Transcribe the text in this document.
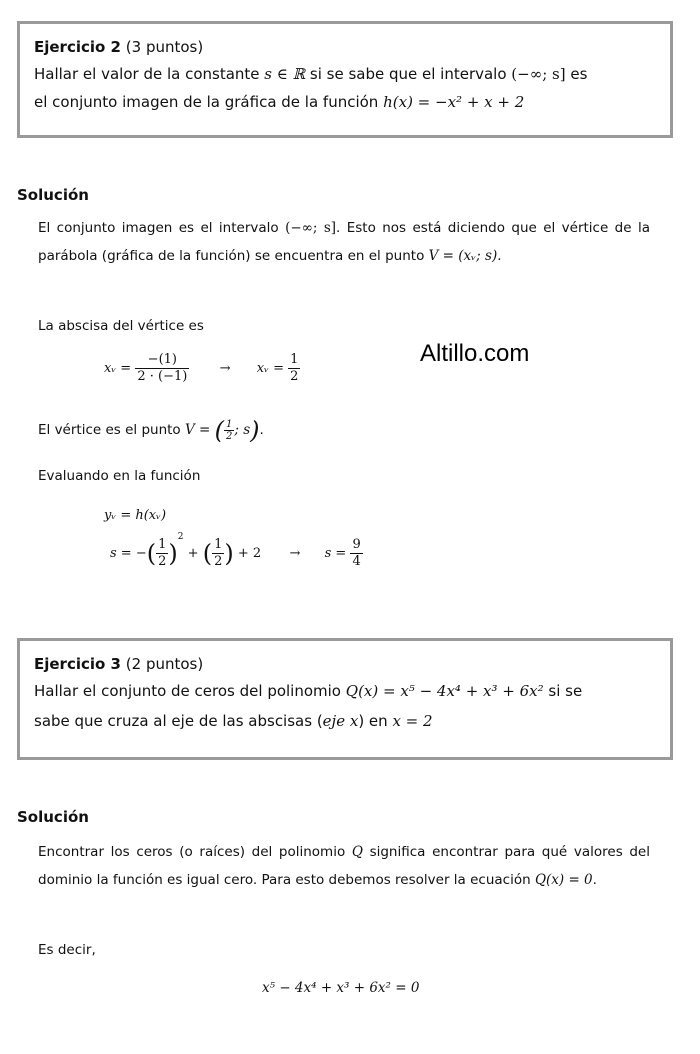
Ejercicio 2 (3 puntos)
Hallar el valor de la constante s ∈ ℝ si se sabe que el intervalo (−∞; s] es
el conjunto imagen de la gráfica de la función h(x) = −x² + x + 2
Solución
El conjunto imagen es el intervalo (−∞; s]. Esto nos está diciendo que el vértice de la parábola (gráfica de la función) se encuentra en el punto V = (xᵥ; s).
La abscisa del vértice es
xᵥ = $\frac{-(1)}{2 \cdot (-1)}$ → xᵥ = $\frac{1}{2}$
El vértice es el punto V = ( $\frac{1}{2}$ ; s).
Evaluando en la función
yᵥ = h(xᵥ)
s = −( $\frac{1}{2} )^2$ + ( $\frac{1}{2}$ ) + $2 \to s = \frac{9}{4}$
Altillo.com
Ejercicio 3 (2 puntos)
Hallar el conjunto de ceros del polinomio Q(x) = x⁵ − 4x⁴ + x³ + 6x² si se
sabe que cruza al eje de las abscisas (eje x) en x = 2
Solución
Encontrar los ceros (o raíces) del polinomio Q significa encontrar para qué valores del dominio la función es igual cero. Para esto debemos resolver la ecuación Q(x) = 0.
Es decir,
x⁵ − 4x⁴ + x³ + 6x² = 0
